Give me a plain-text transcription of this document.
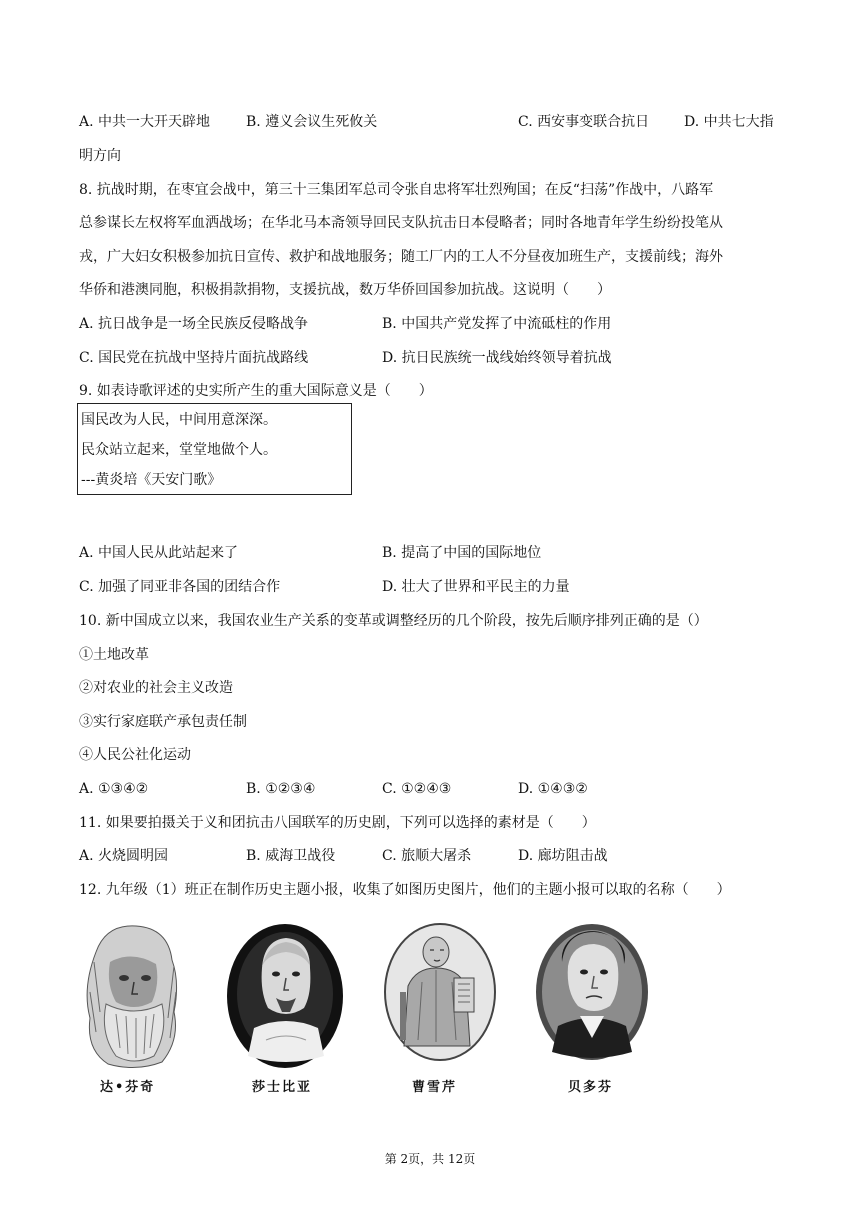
A. 中共一大开天辟地	B. 遵义会议生死攸关	C. 西安事变联合抗日 D. 中共七大指
明方向
8. 抗战时期，在枣宜会战中，第三十三集团军总司令张自忠将军壮烈殉国；在反“扫荡”作战中，八路军
总参谋长左权将军血洒战场；在华北马本斋领导回民支队抗击日本侵略者；同时各地青年学生纷纷投笔从
戎，广大妇女积极参加抗日宣传、救护和战地服务；随工厂内的工人不分昼夜加班生产，支援前线；海外
华侨和港澳同胞，积极捐款捐物，支援抗战，数万华侨回国参加抗战。这说明（　　）
A. 抗日战争是一场全民族反侵略战争	B. 中国共产党发挥了中流砥柱的作用
C. 国民党在抗战中坚持片面抗战路线	D. 抗日民族统一战线始终领导着抗战
9. 如表诗歌评述的史实所产生的重大国际意义是（　　）
国民改为人民，中间用意深深。
民众站立起来，堂堂地做个人。
---黄炎培《天安门歌》
A. 中国人民从此站起来了	B. 提高了中国的国际地位
C. 加强了同亚非各国的团结合作	D. 壮大了世界和平民主的力量
10. 新中国成立以来，我国农业生产关系的变革或调整经历的几个阶段，按先后顺序排列正确的是（）
①土地改革
②对农业的社会主义改造
③实行家庭联产承包责任制
④人民公社化运动
A. ①③④②	B. ①②③④	C. ①②④③	D. ①④③②
11. 如果要拍摄关于义和团抗击八国联军的历史剧，下列可以选择的素材是（　　）
A. 火烧圆明园	B. 威海卫战役	C. 旅顺大屠杀	D. 廊坊阻击战
12. 九年级（1）班正在制作历史主题小报，收集了如图历史图片，他们的主题小报可以取的名称（　　）
达•芬奇	莎士比亚	曹雪芹	贝多芬
第 2页，共 12页
